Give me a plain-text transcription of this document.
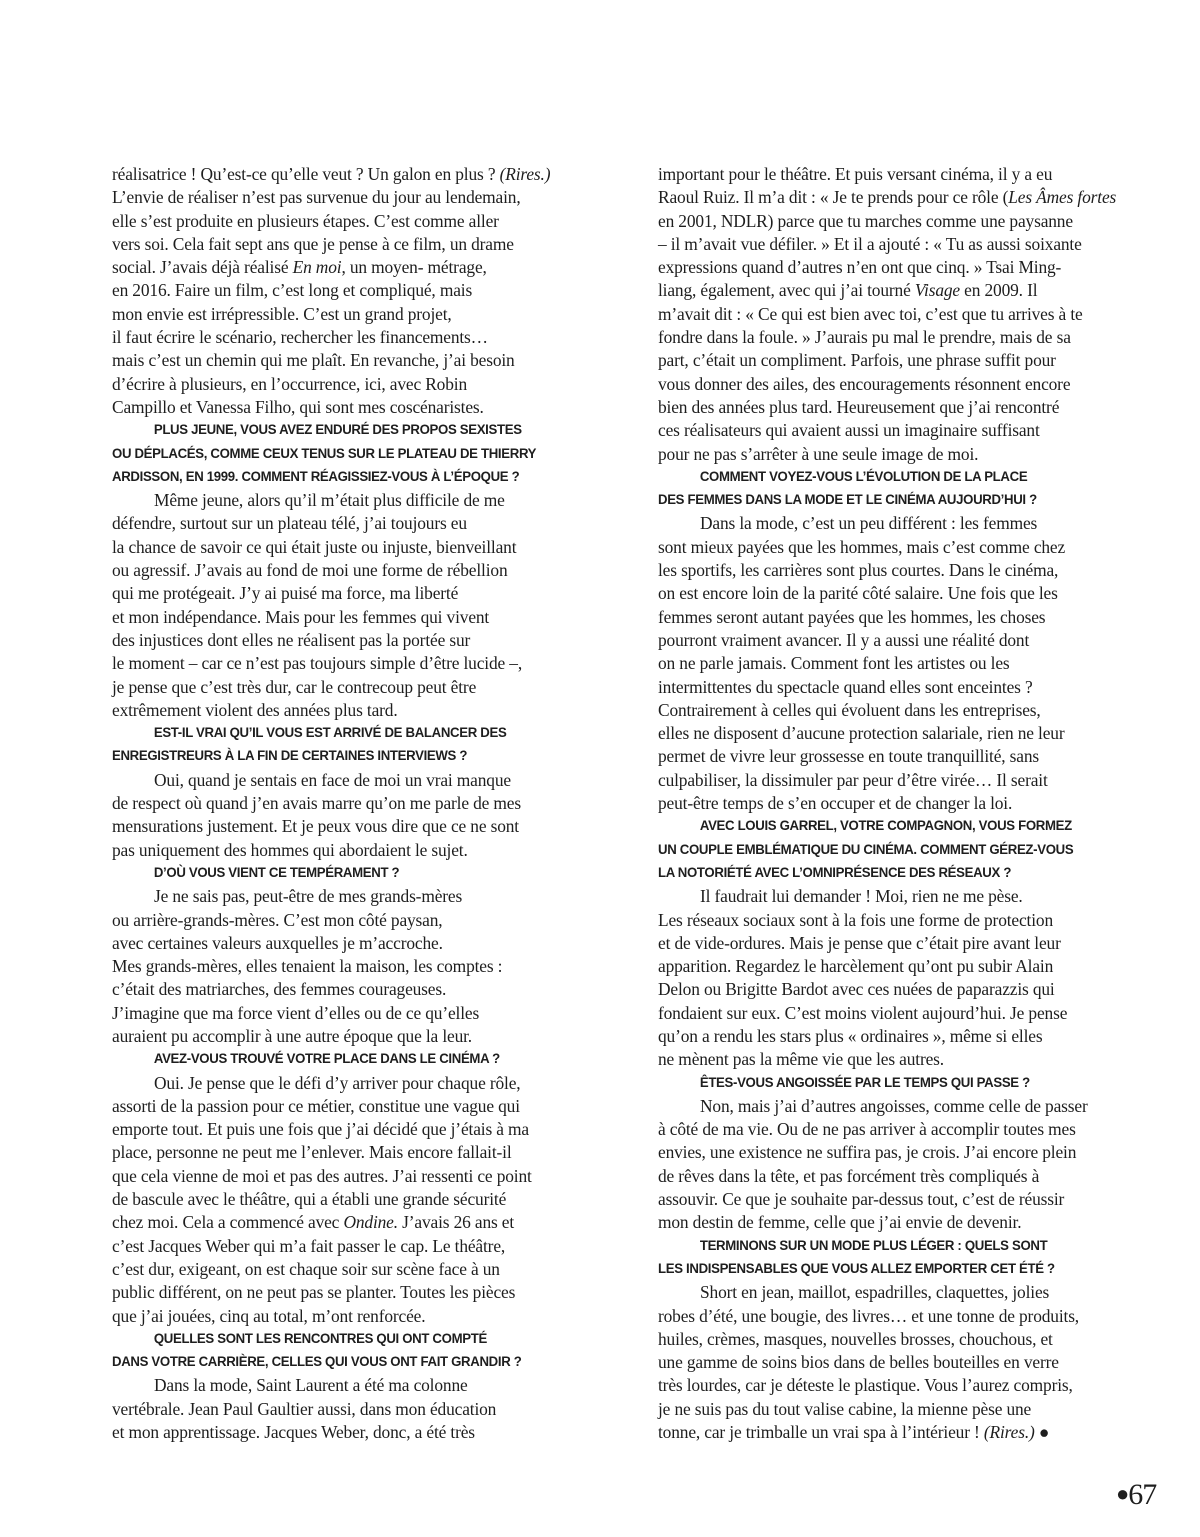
réalisatrice ! Qu’est-ce qu’elle veut ? Un galon en plus ? (Rires.)
L’envie de réaliser n’est pas survenue du jour au lendemain,
elle s’est produite en plusieurs étapes. C’est comme aller
vers soi. Cela fait sept ans que je pense à ce film, un drame
social. J’avais déjà réalisé En moi, un moyen- métrage,
en 2016. Faire un film, c’est long et compliqué, mais
mon envie est irrépressible. C’est un grand projet,
il faut écrire le scénario, rechercher les financements…
mais c’est un chemin qui me plaît. En revanche, j’ai besoin
d’écrire à plusieurs, en l’occurrence, ici, avec Robin
Campillo et Vanessa Filho, qui sont mes coscénaristes.
PLUS JEUNE, VOUS AVEZ ENDURÉ DES PROPOS SEXISTES
OU DÉPLACÉS, COMME CEUX TENUS SUR LE PLATEAU DE THIERRY
ARDISSON, EN 1999. COMMENT RÉAGISSIEZ-VOUS À L’ÉPOQUE ?
Même jeune, alors qu’il m’était plus difficile de me
défendre, surtout sur un plateau télé, j’ai toujours eu
la chance de savoir ce qui était juste ou injuste, bienveillant
ou agressif. J’avais au fond de moi une forme de rébellion
qui me protégeait. J’y ai puisé ma force, ma liberté
et mon indépendance. Mais pour les femmes qui vivent
des injustices dont elles ne réalisent pas la portée sur
le moment – car ce n’est pas toujours simple d’être lucide –,
je pense que c’est très dur, car le contrecoup peut être
extrêmement violent des années plus tard.
EST-IL VRAI QU’IL VOUS EST ARRIVÉ DE BALANCER DES
ENREGISTREURS À LA FIN DE CERTAINES INTERVIEWS ?
Oui, quand je sentais en face de moi un vrai manque
de respect où quand j’en avais marre qu’on me parle de mes
mensurations justement. Et je peux vous dire que ce ne sont
pas uniquement des hommes qui abordaient le sujet.
D’OÙ VOUS VIENT CE TEMPÉRAMENT ?
Je ne sais pas, peut-être de mes grands-mères
ou arrière-grands-mères. C’est mon côté paysan,
avec certaines valeurs auxquelles je m’accroche.
Mes grands-mères, elles tenaient la maison, les comptes :
c’était des matriarches, des femmes courageuses.
J’imagine que ma force vient d’elles ou de ce qu’elles
auraient pu accomplir à une autre époque que la leur.
AVEZ-VOUS TROUVÉ VOTRE PLACE DANS LE CINÉMA ?
Oui. Je pense que le défi d’y arriver pour chaque rôle,
assorti de la passion pour ce métier, constitue une vague qui
emporte tout. Et puis une fois que j’ai décidé que j’étais à ma
place, personne ne peut me l’enlever. Mais encore fallait-il
que cela vienne de moi et pas des autres. J’ai ressenti ce point
de bascule avec le théâtre, qui a établi une grande sécurité
chez moi. Cela a commencé avec Ondine. J’avais 26 ans et
c’est Jacques Weber qui m’a fait passer le cap. Le théâtre,
c’est dur, exigeant, on est chaque soir sur scène face à un
public différent, on ne peut pas se planter. Toutes les pièces
que j’ai jouées, cinq au total, m’ont renforcée.
QUELLES SONT LES RENCONTRES QUI ONT COMPTÉ
DANS VOTRE CARRIÈRE, CELLES QUI VOUS ONT FAIT GRANDIR ?
Dans la mode, Saint Laurent a été ma colonne
vertébrale. Jean Paul Gaultier aussi, dans mon éducation
et mon apprentissage. Jacques Weber, donc, a été très
important pour le théâtre. Et puis versant cinéma, il y a eu
Raoul Ruiz. Il m’a dit : « Je te prends pour ce rôle (Les Âmes fortes
en 2001, NDLR) parce que tu marches comme une paysanne
– il m’avait vue défiler. » Et il a ajouté : « Tu as aussi soixante
expressions quand d’autres n’en ont que cinq. » Tsai Ming-
liang, également, avec qui j’ai tourné Visage en 2009. Il
m’avait dit : « Ce qui est bien avec toi, c’est que tu arrives à te
fondre dans la foule. » J’aurais pu mal le prendre, mais de sa
part, c’était un compliment. Parfois, une phrase suffit pour
vous donner des ailes, des encouragements résonnent encore
bien des années plus tard. Heureusement que j’ai rencontré
ces réalisateurs qui avaient aussi un imaginaire suffisant
pour ne pas s’arrêter à une seule image de moi.
COMMENT VOYEZ-VOUS L’ÉVOLUTION DE LA PLACE
DES FEMMES DANS LA MODE ET LE CINÉMA AUJOURD’HUI ?
Dans la mode, c’est un peu différent : les femmes
sont mieux payées que les hommes, mais c’est comme chez
les sportifs, les carrières sont plus courtes. Dans le cinéma,
on est encore loin de la parité côté salaire. Une fois que les
femmes seront autant payées que les hommes, les choses
pourront vraiment avancer. Il y a aussi une réalité dont
on ne parle jamais. Comment font les artistes ou les
intermittentes du spectacle quand elles sont enceintes ?
Contrairement à celles qui évoluent dans les entreprises,
elles ne disposent d’aucune protection salariale, rien ne leur
permet de vivre leur grossesse en toute tranquillité, sans
culpabiliser, la dissimuler par peur d’être virée… Il serait
peut-être temps de s’en occuper et de changer la loi.
AVEC LOUIS GARREL, VOTRE COMPAGNON, VOUS FORMEZ
UN COUPLE EMBLÉMATIQUE DU CINÉMA. COMMENT GÉREZ-VOUS
LA NOTORIÉTÉ AVEC L’OMNIPRÉSENCE DES RÉSEAUX ?
Il faudrait lui demander ! Moi, rien ne me pèse.
Les réseaux sociaux sont à la fois une forme de protection
et de vide-ordures. Mais je pense que c’était pire avant leur
apparition. Regardez le harcèlement qu’ont pu subir Alain
Delon ou Brigitte Bardot avec ces nuées de paparazzis qui
fondaient sur eux. C’est moins violent aujourd’hui. Je pense
qu’on a rendu les stars plus « ordinaires », même si elles
ne mènent pas la même vie que les autres.
ÊTES-VOUS ANGOISSÉE PAR LE TEMPS QUI PASSE ?
Non, mais j’ai d’autres angoisses, comme celle de passer
à côté de ma vie. Ou de ne pas arriver à accomplir toutes mes
envies, une existence ne suffira pas, je crois. J’ai encore plein
de rêves dans la tête, et pas forcément très compliqués à
assouvir. Ce que je souhaite par-dessus tout, c’est de réussir
mon destin de femme, celle que j’ai envie de devenir.
TERMINONS SUR UN MODE PLUS LÉGER : QUELS SONT
LES INDISPENSABLES QUE VOUS ALLEZ EMPORTER CET ÉTÉ ?
Short en jean, maillot, espadrilles, claquettes, jolies
robes d’été, une bougie, des livres… et une tonne de produits,
huiles, crèmes, masques, nouvelles brosses, chouchous, et
une gamme de soins bios dans de belles bouteilles en verre
très lourdes, car je déteste le plastique. Vous l’aurez compris,
je ne suis pas du tout valise cabine, la mienne pèse une
tonne, car je trimballe un vrai spa à l’intérieur ! (Rires.) ●
●67
